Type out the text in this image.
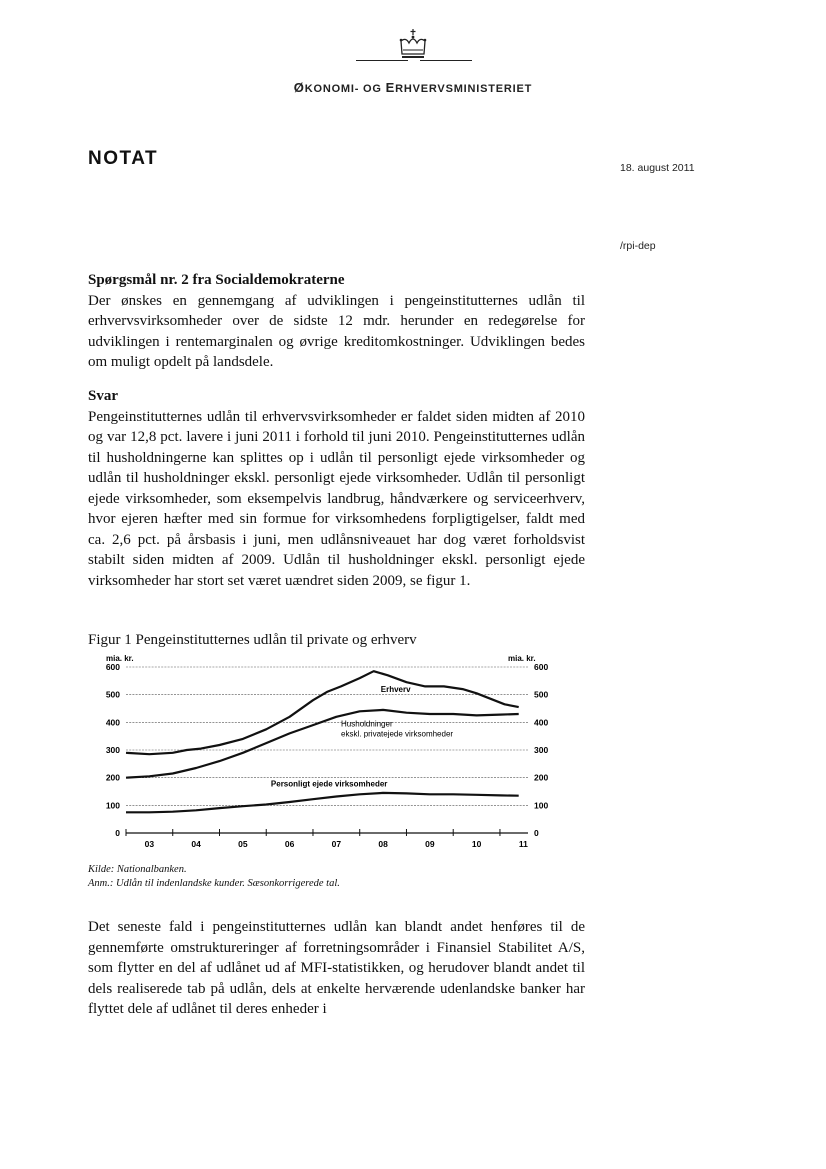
ØKONOMI- OG ERHVERVSMINISTERIET
NOTAT	18. august 2011
/rpi-dep
Spørgsmål nr. 2 fra Socialdemokraterne

Der ønskes en gennemgang af udviklingen i pengeinstitutternes udlån til erhvervsvirksomheder over de sidste 12 mdr. herunder en redegørelse for udviklingen i rentemarginalen og øvrige kreditomkostninger. Udviklingen bedes om muligt opdelt på landsdele.

Svar

Pengeinstitutternes udlån til erhvervsvirksomheder er faldet siden midten af 2010 og var 12,8 pct. lavere i juni 2011 i forhold til juni 2010. Pengeinstitutternes udlån til husholdningerne kan splittes op i udlån til personligt ejede virksomheder og udlån til husholdninger ekskl. personligt ejede virksomheder. Udlån til personligt ejede virksomheder, som eksempelvis landbrug, håndværkere og serviceerhverv, hvor ejeren hæfter med sin formue for virksomhedens forpligtigelser, faldt med ca. 2,6 pct. på årsbasis i juni, men udlånsniveauet har dog været forholdsvist stabilt siden midten af 2009. Udlån til husholdninger ekskl. personligt ejede virksomheder har stort set været uændret siden 2009, se figur 1.

Figur 1 Pengeinstitutternes udlån til private og erhverv
mia. kr.	mia. kr.
0	0
100	100
200	200
300	300
400	400
500	500
600	600
03	04	05	06	07	08	09	10	11
Erhverv
Husholdninger
ekskl. privatejede virksomheder
Personligt ejede virksomheder
Kilde: Nationalbanken.
Anm.: Udlån til indenlandske kunder. Sæsonkorrigerede tal.

Det seneste fald i pengeinstitutternes udlån kan blandt andet henføres til de gennemførte omstruktureringer af forretningsområder i Finansiel Stabilitet A/S, som flytter en del af udlånet ud af MFI-statistikken, og herudover blandt andet til dels realiserede tab på udlån, dels at enkelte herværende udenlandske banker har flyttet dele af udlånet til deres enheder i
